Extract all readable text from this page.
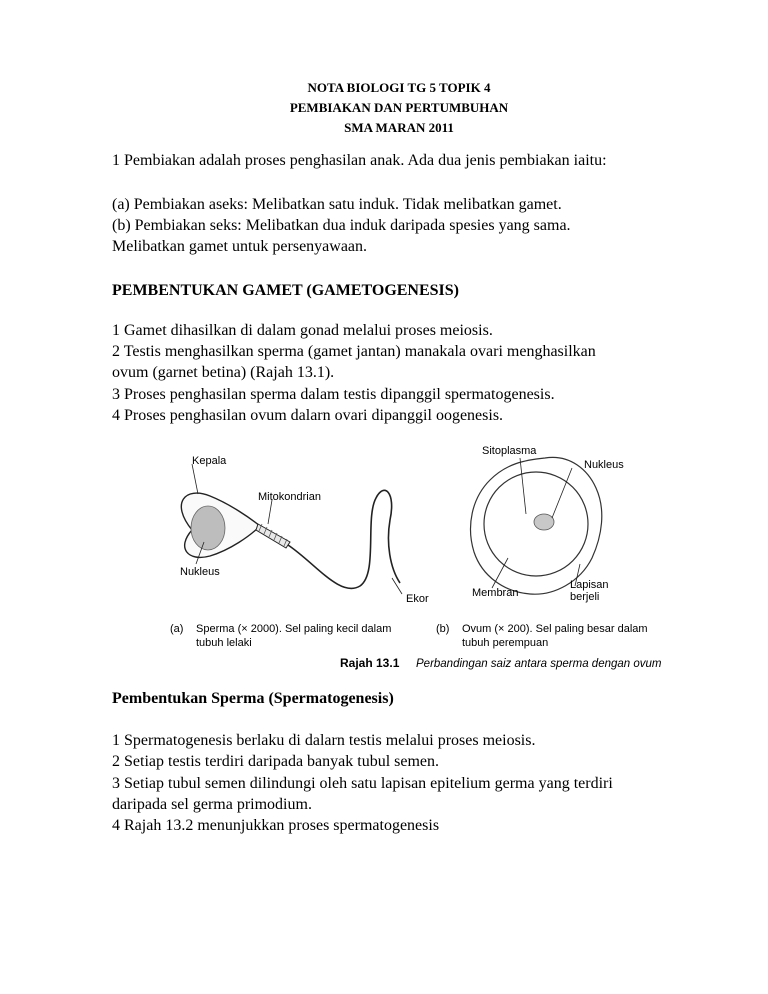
NOTA BIOLOGI TG 5 TOPIK 4
PEMBIAKAN DAN PERTUMBUHAN
SMA MARAN 2011
1 Pembiakan adalah proses penghasilan anak. Ada dua jenis pembiakan iaitu:
(a) Pembiakan aseks: Melibatkan satu induk. Tidak melibatkan gamet.
(b) Pembiakan seks: Melibatkan dua induk daripada spesies yang sama.
Melibatkan gamet untuk persenyawaan.
PEMBENTUKAN GAMET (GAMETOGENESIS)
1 Gamet dihasilkan di dalam gonad melalui proses meiosis.
2 Testis menghasilkan sperma (gamet jantan) manakala ovari menghasilkan
ovum (garnet betina) (Rajah 13.1).
3 Proses penghasilan sperma dalam testis dipanggil spermatogenesis.
4 Proses penghasilan ovum dalarn ovari dipanggil oogenesis.
Kepala
Mitokondrian
Nukleus
Ekor
Sitoplasma
Nukleus
Membran
Lapisan
berjeli
(a) Sperma (× 2000). Sel paling kecil dalam
tubuh lelaki
(b) Ovum (× 200). Sel paling besar dalam
tubuh perempuan
Rajah 13.1 Perbandingan saiz antara sperma dengan ovum
Pembentukan Sperma (Spermatogenesis)
1 Spermatogenesis berlaku di dalarn testis melalui proses meiosis.
2 Setiap testis terdiri daripada banyak tubul semen.
3 Setiap tubul semen dilindungi oleh satu lapisan epitelium germa yang terdiri
daripada sel germa primodium.
4 Rajah 13.2 menunjukkan proses spermatogenesis
